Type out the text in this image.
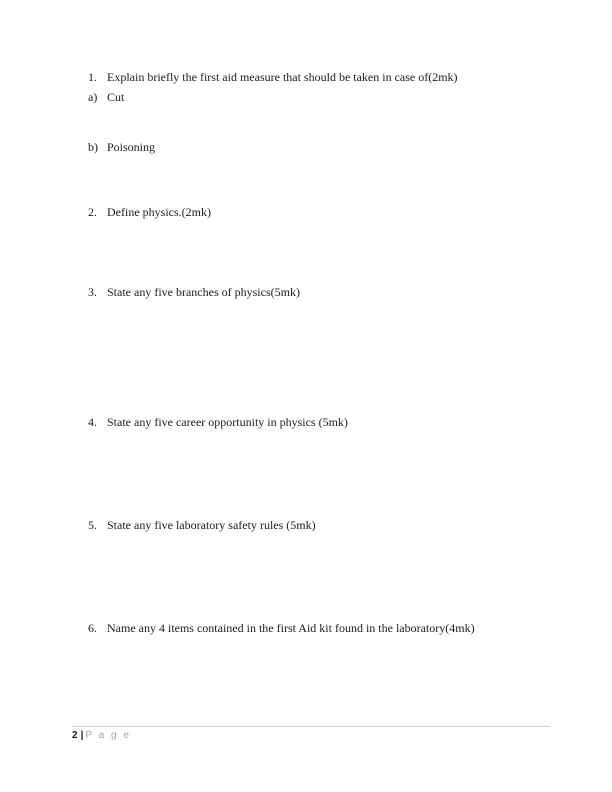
1. Explain briefly the first aid measure that should be taken in case of(2mk)
a) Cut
b) Poisoning
2. Define physics.(2mk)
3. State any five branches of physics(5mk)
4. State any five career opportunity in physics (5mk)
5. State any five laboratory safety rules (5mk)
6. Name any 4 items contained in the first Aid kit found in the laboratory(4mk)
2 | P a g e
